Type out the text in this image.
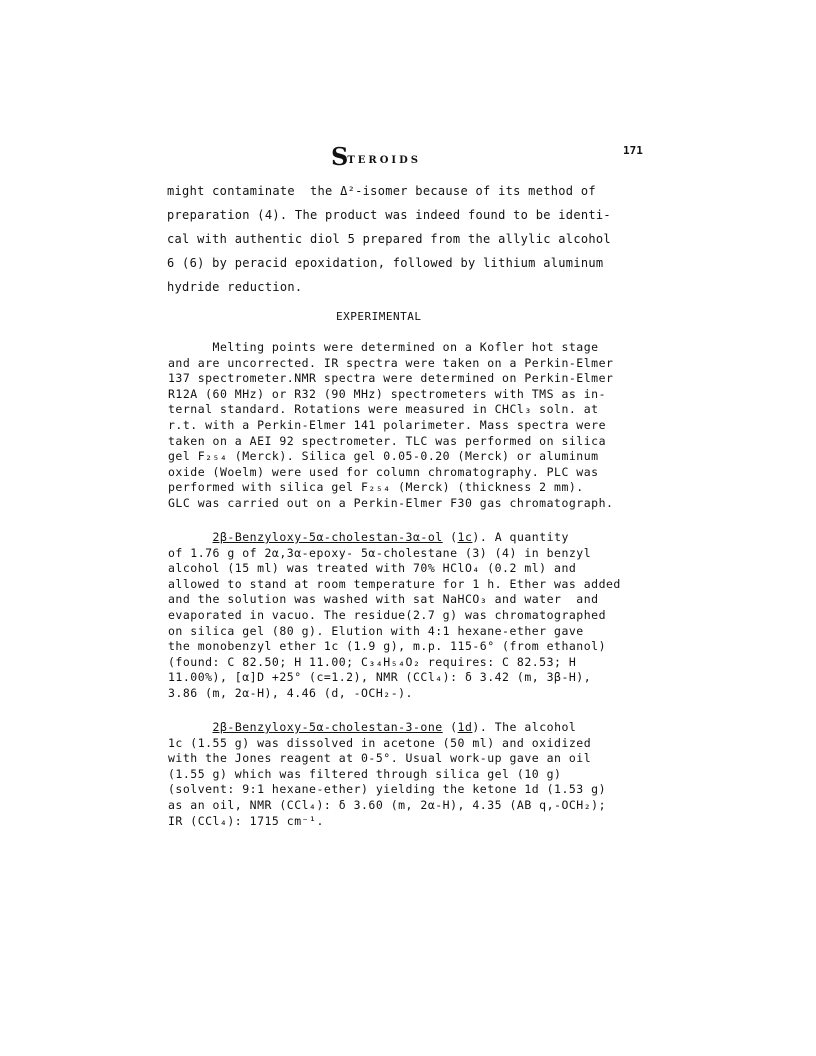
STEROIDS
171
might contaminate  the Δ²-isomer because of its method of
preparation (4). The product was indeed found to be identi-
cal with authentic diol 5 prepared from the allylic alcohol
6 (6) by peracid epoxidation, followed by lithium aluminum
hydride reduction.
EXPERIMENTAL
Melting points were determined on a Kofler hot stage
and are uncorrected. IR spectra were taken on a Perkin-Elmer
137 spectrometer.NMR spectra were determined on Perkin-Elmer
R12A (60 MHz) or R32 (90 MHz) spectrometers with TMS as in-
ternal standard. Rotations were measured in CHCl₃ soln. at
r.t. with a Perkin-Elmer 141 polarimeter. Mass spectra were
taken on a AEI 92 spectrometer. TLC was performed on silica
gel F₂₅₄ (Merck). Silica gel 0.05-0.20 (Merck) or aluminum
oxide (Woelm) were used for column chromatography. PLC was
performed with silica gel F₂₅₄ (Merck) (thickness 2 mm).
GLC was carried out on a Perkin-Elmer F30 gas chromatograph.
2β-Benzyloxy-5α-cholestan-3α-ol (1c). A quantity
of 1.76 g of 2α,3α-epoxy- 5α-cholestane (3) (4) in benzyl
alcohol (15 ml) was treated with 70% HClO₄ (0.2 ml) and
allowed to stand at room temperature for 1 h. Ether was added
and the solution was washed with sat NaHCO₃ and water  and
evaporated in vacuo. The residue(2.7 g) was chromatographed
on silica gel (80 g). Elution with 4:1 hexane-ether gave
the monobenzyl ether 1c (1.9 g), m.p. 115-6° (from ethanol)
(found: C 82.50; H 11.00; C₃₄H₅₄O₂ requires: C 82.53; H
11.00%), [α]D +25° (c=1.2), NMR (CCl₄): δ 3.42 (m, 3β-H),
3.86 (m, 2α-H), 4.46 (d, -OCH₂-).
2β-Benzyloxy-5α-cholestan-3-one (1d). The alcohol
1c (1.55 g) was dissolved in acetone (50 ml) and oxidized
with the Jones reagent at 0-5°. Usual work-up gave an oil
(1.55 g) which was filtered through silica gel (10 g)
(solvent: 9:1 hexane-ether) yielding the ketone 1d (1.53 g)
as an oil, NMR (CCl₄): δ 3.60 (m, 2α-H), 4.35 (AB q,-OCH₂);
IR (CCl₄): 1715 cm⁻¹.
